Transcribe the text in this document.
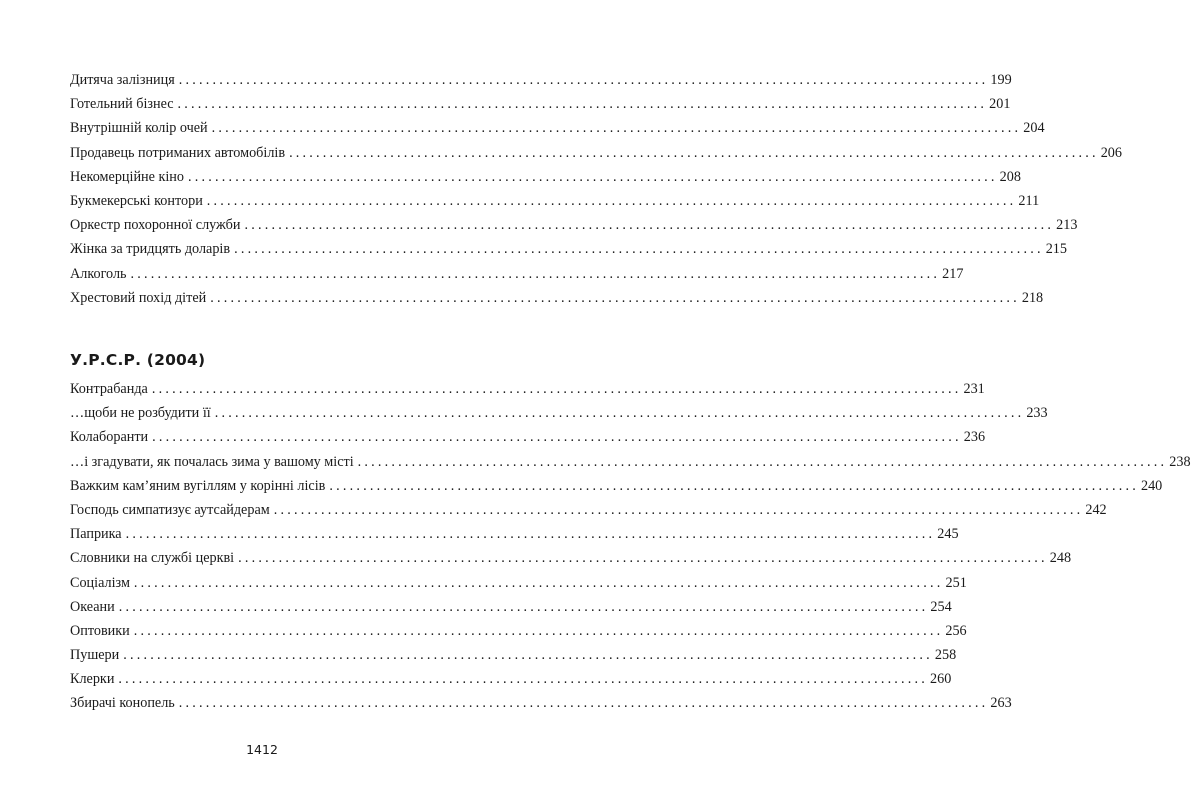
Дитяча залізниця ........................................................................................................................ 199
Готельний бізнес ........................................................................................................................ 201
Внутрішній колір очей ........................................................................................................................ 204
Продавець потриманих автомобілів ........................................................................................................................ 206
Некомерційне кіно ........................................................................................................................ 208
Букмекерські контори ........................................................................................................................ 211
Оркестр похоронної служби ........................................................................................................................ 213
Жінка за тридцять доларів ........................................................................................................................ 215
Алкоголь ........................................................................................................................ 217
Хрестовий похід дітей ........................................................................................................................ 218
У.Р.С.Р. (2004)
Контрабанда ........................................................................................................................ 231
…щоби не розбудити її ........................................................................................................................ 233
Колаборанти ........................................................................................................................ 236
…і згадувати, як почалась зима у вашому місті ........................................................................................................................ 238
Важким кам’яним вугіллям у корінні лісів ........................................................................................................................ 240
Господь симпатизує аутсайдерам ........................................................................................................................ 242
Паприка ........................................................................................................................ 245
Словники на службі церкві ........................................................................................................................ 248
Соціалізм ........................................................................................................................ 251
Океани ........................................................................................................................ 254
Оптовики ........................................................................................................................ 256
Пушери ........................................................................................................................ 258
Клерки ........................................................................................................................ 260
Збирачі конопель ........................................................................................................................ 263
1412
